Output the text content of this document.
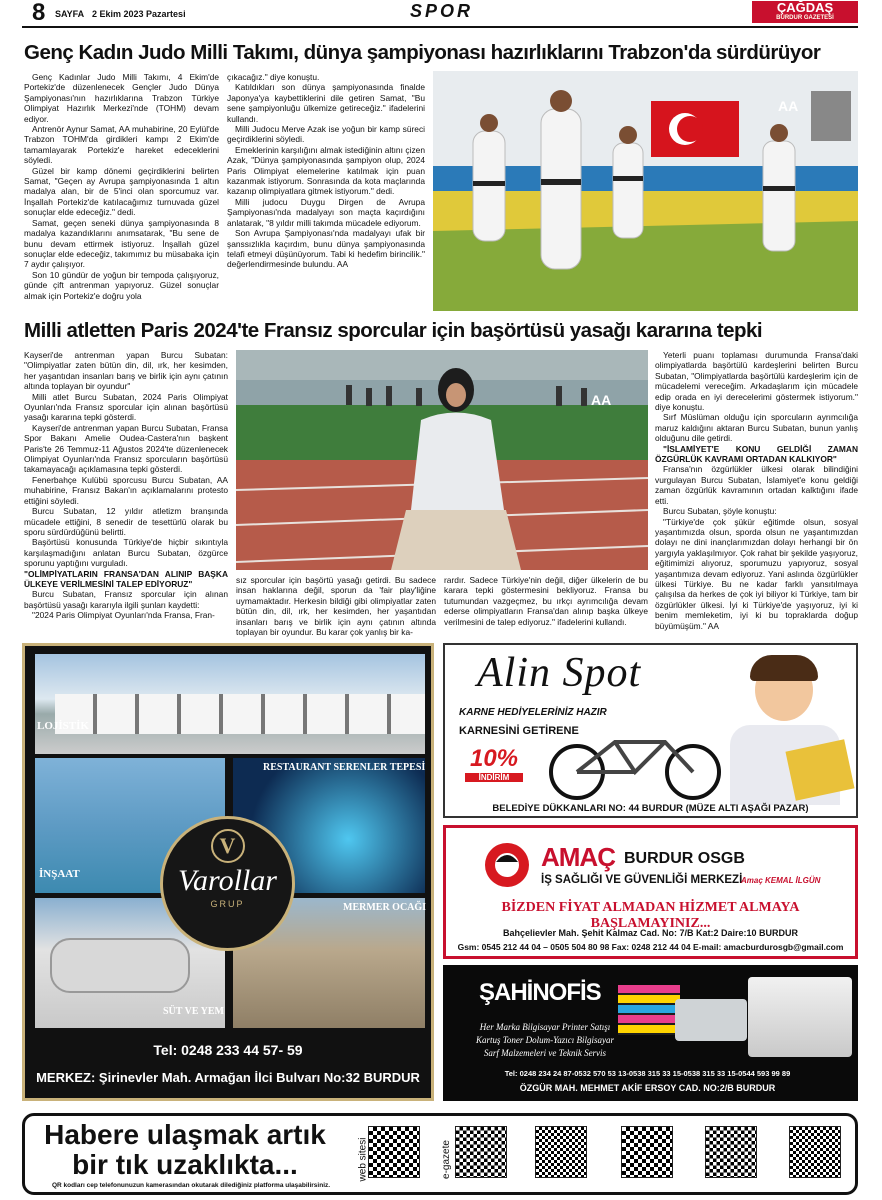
8 SAYFA 2 Ekim 2023 Pazartesi	SPOR	ÇAĞDAŞ
BURDUR GAZETESİ
Genç Kadın Judo Milli Takımı, dünya şampiyonası hazırlıklarını Trabzon'da sürdürüyor

Genç Kadınlar Judo Milli Takımı, 4 Ekim'de Portekiz'de düzenlenecek Gençler Judo Dünya Şampiyonası'nın hazırlıklarına Trabzon Türkiye Olimpiyat Hazırlık Merkezi'nde (TOHM) devam ediyor.

Antrenör Aynur Samat, AA muhabirine, 20 Eylül'de Trabzon TOHM'da girdikleri kampı 2 Ekim'de tamamlayarak Portekiz'e hareket edeceklerini söyledi.

Güzel bir kamp dönemi geçirdiklerini belirten Samat, "Geçen ay Avrupa şampiyonasında 1 altın madalya alan, bir de 5'inci olan sporcumuz var. İnşallah Portekiz'de katılacağımız turnuvada güzel sonuçlar elde edeceğiz." dedi.

Samat, geçen seneki dünya şampiyonasında 8 madalya kazandıklarını anımsatarak, "Bu sene de bunu devam ettirmek istiyoruz. İnşallah güzel sonuçlar elde edeceğiz, takımımız bu müsabaka için 7 aydır çalışıyor.

Son 10 gündür de yoğun bir tempoda çalışıyoruz, günde çift antrenman yapıyoruz. Güzel sonuçlar almak için Portekiz'e doğru yola

çıkacağız." diye konuştu.

Katıldıkları son dünya şampiyonasında finalde Japonya'ya kaybettiklerini dile getiren Samat, "Bu sene şampiyonluğu ülkemize getireceğiz." ifadelerini kullandı.

Milli Judocu Merve Azak ise yoğun bir kamp süreci geçirdiklerini söyledi.

Emeklerinin karşılığını almak istediğinin altını çizen Azak, "Dünya şampiyonasında şampiyon olup, 2024 Paris Olimpiyat elemelerine katılmak için puan kazanmak istiyorum. Sonrasında da kota maçlarında kazanıp olimpiyatlara gitmek istiyorum." dedi.

Milli judocu Duygu Dirgen de Avrupa Şampiyonası'nda madalyayı son maçta kaçırdığını anlatarak, "8 yıldır milli takımda mücadele ediyorum.

Son Avrupa Şampiyonası'nda madalyayı ufak bir şanssızlıkla kaçırdım, bunu dünya şampiyonasında telafi etmeyi düşünüyorum. Tabi ki hedefim birincilik." değerlendirmesinde bulundu. AA

AA
Milli atletten Paris 2024'te Fransız sporcular için başörtüsü yasağı kararına tepki

Kayseri'de antrenman yapan Burcu Subatan: "Olimpiyatlar zaten bütün din, dil, ırk, her kesimden, her yaşantıdan insanları barış ve birlik için aynı çatının altında toplayan bir oyundur"

Milli atlet Burcu Subatan, 2024 Paris Olimpiyat Oyunları'nda Fransız sporcular için alınan başörtüsü yasağı kararına tepki gösterdi.

Kayseri'de antrenman yapan Burcu Subatan, Fransa Spor Bakanı Amelie Oudea-Castera'nın başkent Paris'te 26 Temmuz-11 Ağustos 2024'te düzenlenecek Olimpiyat Oyunları'nda Fransız sporcuların başörtüsü takamayacağı açıklamasına tepki gösterdi.

Fenerbahçe Kulübü sporcusu Burcu Subatan, AA muhabirine, Fransız Bakan'ın açıklamalarını protesto ettiğini söyledi.

Burcu Subatan, 12 yıldır atletizm branşında mücadele ettiğini, 8 senedir de tesettürlü olarak bu sporu sürdürdüğünü belirtti.

Başörtüsü konusunda Türkiye'de hiçbir sıkıntıyla karşılaşmadığını anlatan Burcu Subatan, özgürce sporunu yaptığını vurguladı.

"OLİMPİYATLARIN FRANSA'DAN ALINIP BAŞKA ÜLKEYE VERİLMESİNİ TALEP EDİYORUZ"

Burcu Subatan, Fransız sporcular için alınan başörtüsü yasağı kararıyla ilgili şunları kaydetti:

"2024 Paris Olimpiyat Oyunları'nda Fransa, Fran-

AA

sız sporcular için başörtü yasağı getirdi. Bu sadece insan haklarına değil, sporun da 'fair play'liğine uymamaktadır. Herkesin bildiği gibi olimpiyatlar zaten bütün din, dil, ırk, her kesimden, her yaşantıdan insanları barış ve birlik için aynı çatının altında toplayan bir oyundur. Bu karar çok yanlış bir ka-

rardır. Sadece Türkiye'nin değil, diğer ülkelerin de bu karara tepki göstermesini bekliyoruz. Fransa bu tutumundan vazgeçmez, bu ırkçı ayrımcılığa devam ederse olimpiyatların Fransa'dan alınıp başka ülkeye verilmesini de talep ediyoruz." ifadelerini kullandı.

Yeterli puanı toplaması durumunda Fransa'daki olimpiyatlarda başörtülü kardeşlerini belirten Burcu Subatan, "Olimpiyatlarda başörtülü kardeşlerim için de mücadelemi vereceğim. Arkadaşlarım için mücadele edip orada en iyi derecelerimi göstermek istiyorum." diye konuştu.

Sırf Müslüman olduğu için sporcuların ayrımcılığa maruz kaldığını aktaran Burcu Subatan, bunun yanlış olduğunu dile getirdi.

"İSLAMİYET'E KONU GELDİĞİ ZAMAN ÖZGÜRLÜK KAVRAMI ORTADAN KALKIYOR"

Fransa'nın özgürlükler ülkesi olarak bilindiğini vurgulayan Burcu Subatan, İslamiyet'e konu geldiği zaman özgürlük kavramının ortadan kalktığını ifade etti.

Burcu Subatan, şöyle konuştu:

"Türkiye'de çok şükür eğitimde olsun, sosyal yaşantımızda olsun, sporda olsun ne yaşantımızdan dolayı ne dini inançlarımızdan dolayı herhangi bir ön yargıyla yaklaşılmıyor. Çok rahat bir şekilde yaşıyoruz, eğitimimizi alıyoruz, sporumuzu yapıyoruz, sosyal yaşantımıza devam ediyoruz. Yani aslında özgürlükler ülkesi Türkiye. Bu ne kadar farklı yansıtılmaya çalışılsa da herkes de çok iyi biliyor ki Türkiye, tam bir özgürlükler ülkesi. İyi ki Türkiye'de yaşıyoruz, iyi ki benim memleketim, iyi ki bu topraklarda doğup büyümüşüm." AA

LOJİSTİK
RESTAURANT SERENLER TEPESİ
İNŞAAT
MERMER OCAĞI
SÜT VE YEM
V
Varollar
GRUP
Tel: 0248 233 44 57- 59
MERKEZ: Şirinevler Mah. Armağan İlci Bulvarı No:32 BURDUR
Alin Spot
KARNE HEDİYELERİNİZ HAZIR
KARNESİNİ GETİRENE
10%
İNDİRİM
BELEDİYE DÜKKANLARI NO: 44 BURDUR (MÜZE ALTI AŞAĞI PAZAR)
AMAÇ BURDUR OSGB
İŞ SAĞLIĞI VE GÜVENLİĞİ MERKEZİ
Amaç KEMAL İLGÜN
BİZDEN FİYAT ALMADAN HİZMET ALMAYA BAŞLAMAYINIZ...
Bahçelievler Mah. Şehit Kalmaz Cad. No: 7/B Kat:2 Daire:10 BURDUR
Gsm: 0545 212 44 04 – 0505 504 80 98 Fax: 0248 212 44 04 E-mail: amacburdurosgb@gmail.com
ŞAHİNOFİS
Her Marka Bilgisayar Printer Satışı
Kartuş Toner Dolum-Yazıcı Bilgisayar
Sarf Malzemeleri ve Teknik Servis
Tel: 0248 234 24 87-0532 570 53 13-0538 315 33 15-0538 315 33 15-0544 593 99 89
ÖZGÜR MAH. MEHMET AKİF ERSOY CAD. NO:2/B BURDUR
Habere ulaşmak artık
bir tık uzaklıkta...
QR kodları cep telefonunuzun kamerasından okutarak dilediğiniz platforma ulaşabilirsiniz.
web sitesi	e-gazete
